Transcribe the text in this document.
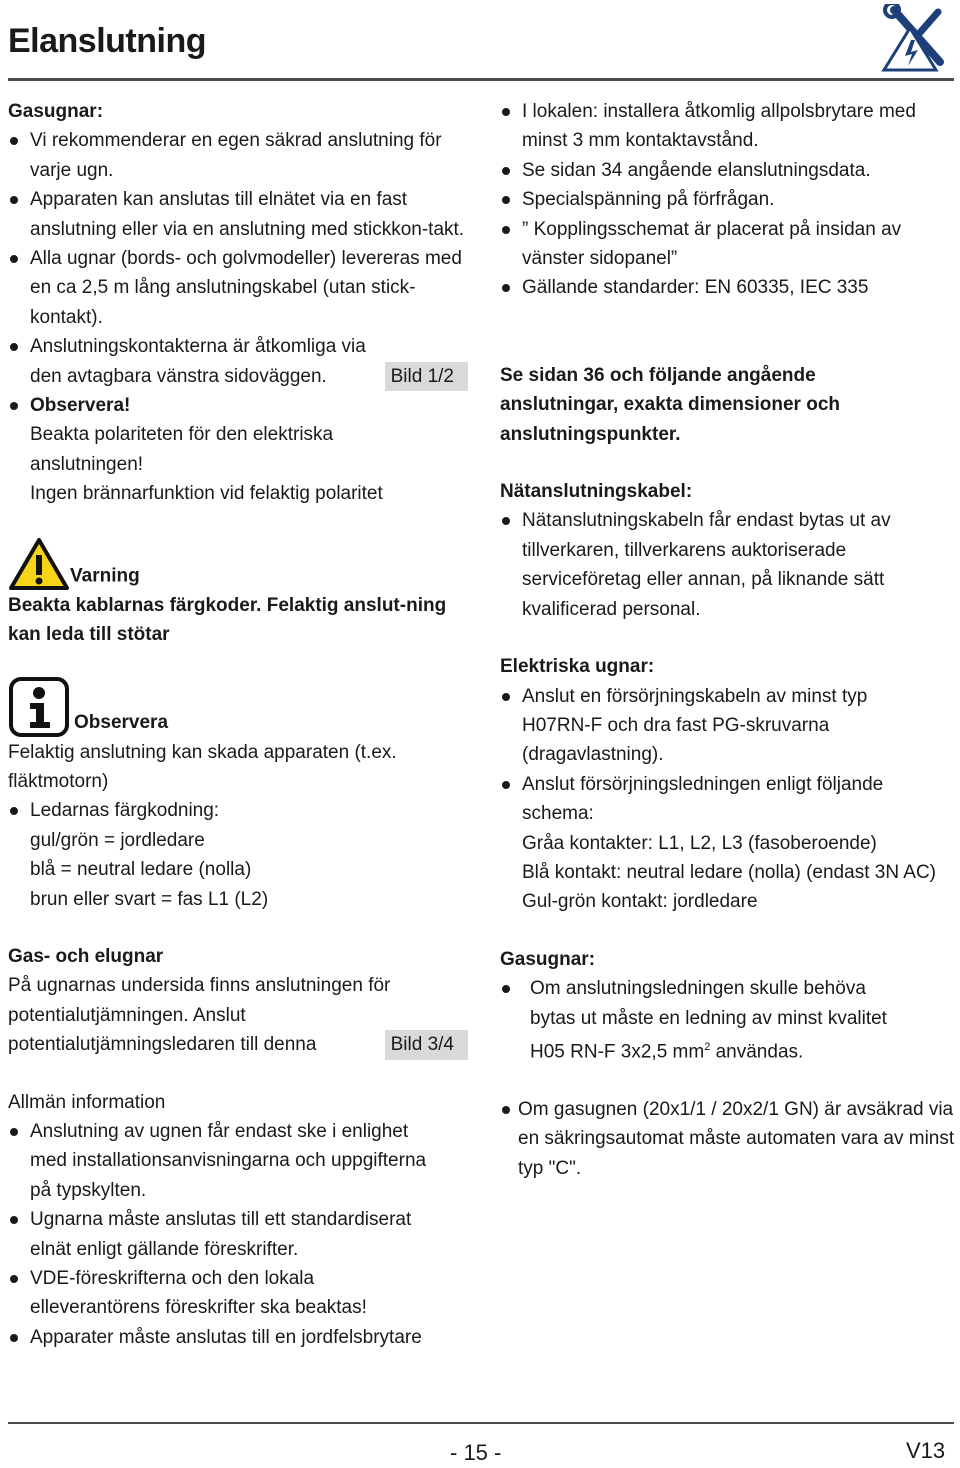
Elanslutning
Gasugnar:
Vi rekommenderar en egen säkrad anslutning för varje ugn.
Apparaten kan anslutas till elnätet via en fast anslutning eller via en anslutning med stickkon-takt.
Alla ugnar (bords- och golvmodeller) levereras med en ca 2,5 m lång anslutningskabel (utan stick-kontakt).
Anslutningskontakterna är åtkomliga via den avtagbara vänstra sidoväggen.	Bild 1/2
Observera!
Beakta polariteten för den elektriska anslutningen!
Ingen brännarfunktion vid felaktig polaritet
Varning
Beakta kablarnas färgkoder. Felaktig anslut-ning kan leda till stötar
Observera
Felaktig anslutning kan skada apparaten (t.ex. fläktmotorn)
Ledarnas färgkodning:
gul/grön = jordledare
blå = neutral ledare (nolla)
brun eller svart = fas L1 (L2)
Gas- och elugnar
På ugnarnas undersida finns anslutningen för potentialutjämningen. Anslut
potentialutjämningsledaren till denna	Bild 3/4
Allmän information
Anslutning av ugnen får endast ske i enlighet med installationsanvisningarna och uppgifterna på typskylten.
Ugnarna måste anslutas till ett standardiserat elnät enligt gällande föreskrifter.
VDE-föreskrifterna och den lokala elleverantörens föreskrifter ska beaktas!
Apparater måste anslutas till en jordfelsbrytare
I lokalen: installera åtkomlig allpolsbrytare med minst 3 mm kontaktavstånd.
Se sidan 34 angående elanslutningsdata.
Specialspänning på förfrågan.
” Kopplingsschemat är placerat på insidan av vänster sidopanel”
Gällande standarder: EN 60335, IEC 335
Se sidan 36 och följande angående anslutningar, exakta dimensioner och anslutningspunkter.
Nätanslutningskabel:
Nätanslutningskabeln får endast bytas ut av tillverkaren, tillverkarens auktoriserade serviceföretag eller annan, på liknande sätt kvalificerad personal.
Elektriska ugnar:
Anslut en försörjningskabeln av minst typ H07RN-F och dra fast PG-skruvarna (dragavlastning).
Anslut försörjningsledningen enligt följande schema:
Gråa kontakter: L1, L2, L3 (fasoberoende)
Blå kontakt: neutral ledare (nolla) (endast 3N AC)
Gul-grön kontakt: jordledare
Gasugnar:
Om anslutningsledningen skulle behöva bytas ut måste en ledning av minst kvalitet H05 RN-F 3x2,5 $mm^2$ användas.
Om gasugnen (20x1/1 / 20x2/1 GN) är avsäkrad via en säkringsautomat måste automaten vara av minst typ "C".
- 15 -	V13
